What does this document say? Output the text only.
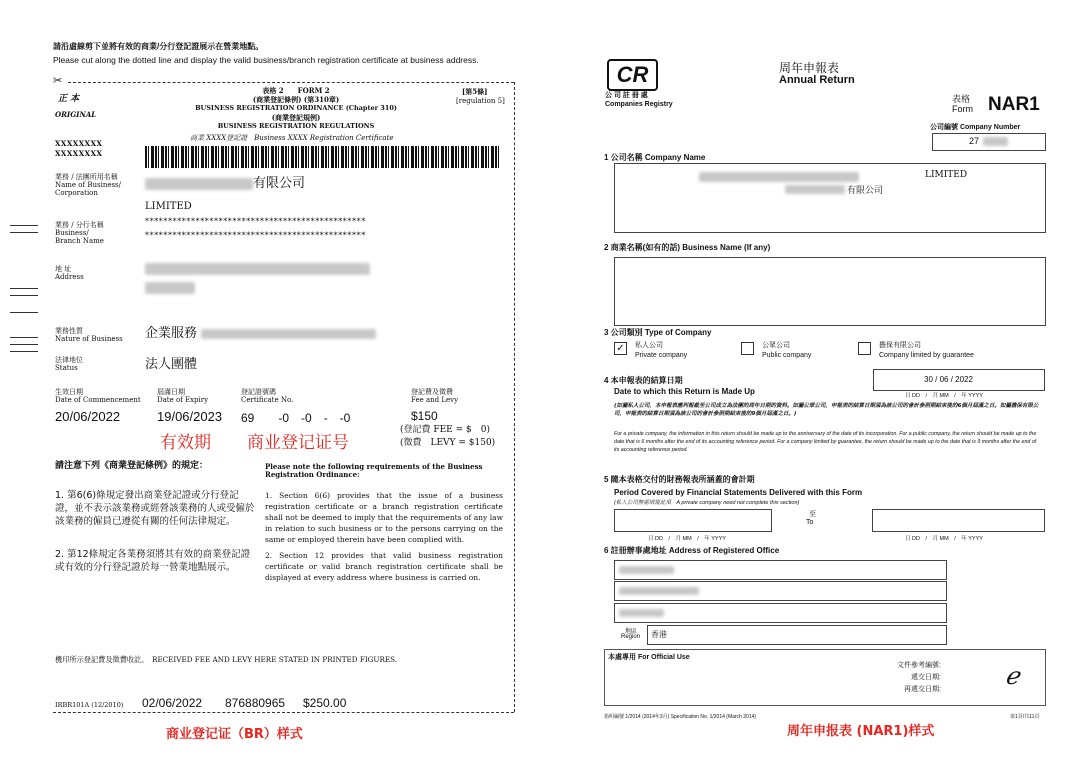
請沿虛線剪下並將有效的商業/分行登記證展示在營業地點。
Please cut along the dotted line and display the valid business/branch registration certificate at business address.
✂
正 本
ORIGINAL
表格 2　　FORM 2
(商業登記條例) (第310章)
BUSINESS REGISTRATION ORDINANCE (Chapter 310)
(商業登記規例)
BUSINESS REGISTRATION REGULATIONS
商業 XXXX登記證　Business XXXX Registration Certificate
[第5條]
[regulation 5]
XXXXXXXX
XXXXXXXX
業務 / 法團所用名稱
Name of Business/ Corporation
有限公司
LIMITED
業務 / 分行名稱
Business/ Branch Name
************************************************
************************************************
地 址
Address
業務性質
Nature of Business 企業服務
法律地位
Status	法人團體
生效日期
Date of Commencement
20/06/2022
屆滿日期
Date of Expiry
19/06/2023
登記證號碼
Certificate No.
69　　-0　-0　-　-0
登記費及徵費
Fee and Levy
$150
(登記費 FEE = $　0)
(徵費　LEVY = $150)
有效期 商业登记证号
請注意下列《商業登記條例》的規定：	Please note the following requirements of the Business Registration Ordinance:
1. 第6(6)條規定發出商業登記證或分行登記證，並不表示該業務或經營該業務的人或受僱於該業務的僱員已遵從有關的任何法律規定。
2. 第12條規定各業務須將其有效的商業登記證或有效的分行登記證於每一營業地點展示。
1. Section 6(6) provides that the issue of a business registration certificate or a branch registration certificate shall not be deemed to imply that the requirements of any law in relation to such business or to the persons carrying on the same or employed therein have been complied with.
2. Section 12 provides that valid business registration certificate or valid branch registration certificate shall be displayed at every address where business is carried on.
機印所示登記費及徵費收訖。　RECEIVED FEE AND LEVY HERE STATED IN PRINTED FIGURES.
IRBR101A (12/2010) 02/06/2022 876880965 $250.00
商业登记证（BR）样式
CR
公 司 註 冊 處
Companies Registry
周年申報表
Annual Return
表格
Form NAR1
公司編號 Company Number
27
1 公司名稱 Company Name
LIMITED
有限公司
2 商業名稱(如有的話) Business Name (If any)
3 公司類別 Type of Company
✓	私人公司
Private company
公眾公司
Public company
擔保有限公司
Company limited by guarantee
4 本申報表的結算日期
Date to which this Return is Made Up
30 / 06 / 2022
日 DD　/　月 MM　/　年 YYYY
(如屬私人公司，本申報表應列報截至公司成立為法團的周年日期的資料。如屬公眾公司，申報表的結算日期須為該公司的會計參照期結束後的6個月屆滿之日。如屬擔保有限公司，申報表的結算日期須為該公司的會計參照期結束後的9個月屆滿之日。)
For a private company, the information in this return should be made up to the anniversary of the date of its incorporation. For a public company, the return should be made up to the date that is 6 months after the end of its accounting reference period. For a company limited by guarantee, the return should be made up to the date that is 9 months after the end of its accounting reference period.
5 隨本表格交付的財務報表所涵蓋的會計期
Period Covered by Financial Statements Delivered with this Form
(私人公司無需填報此項　A private company need not complete this section)
至
To
日 DD　/　月 MM　/　年 YYYY	日 DD　/　月 MM　/　年 YYYY
6 註冊辦事處地址 Address of Registered Office
地區
Region 香港
本處專用 For Official Use
文件參考編號:
遞交日期:
再遞交日期:	ℯ
指明編號 1/2014 (2014年3月) Specification No. 1/2014 (March 2014)	第1頁/共11頁
周年申报表 (NAR1)样式
